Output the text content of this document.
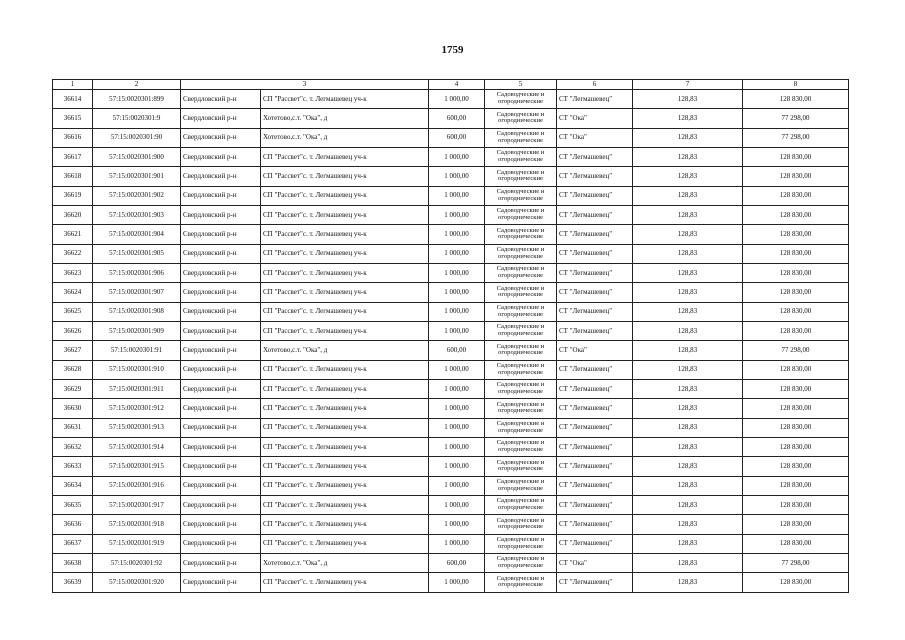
1759
1	2	3		4	5	6	7	8
36614	57:15:0020301:899	Свердловский р-н	СП "Рассвет"с. т. Легмашевец уч-к	1 000,00	Садоводческие и
огороднические	СТ "Легмашевец"	128,83	128 830,00
36615	57:15:0020301:9	Свердловский р-н	Хотетово,с.т. "Ока", д	600,00	Садоводческие и
огороднические	СТ "Ока"	128,83	77 298,00
36616	57:15:0020301:90	Свердловский р-н	Хотетово,с.т. "Ока", д	600,00	Садоводческие и
огороднические	СТ "Ока"	128,83	77 298,00
36617	57:15:0020301:900	Свердловский р-н	СП "Рассвет"с. т. Легмашевец уч-к	1 000,00	Садоводческие и
огороднические	СТ "Легмашевец"	128,83	128 830,00
36618	57:15:0020301:901	Свердловский р-н	СП "Рассвет"с. т. Легмашевец уч-к	1 000,00	Садоводческие и
огороднические	СТ "Легмашевец"	128,83	128 830,00
36619	57:15:0020301:902	Свердловский р-н	СП "Рассвет"с. т. Легмашевец уч-к	1 000,00	Садоводческие и
огороднические	СТ "Легмашевец"	128,83	128 830,00
36620	57:15:0020301:903	Свердловский р-н	СП "Рассвет"с. т. Легмашевец уч-к	1 000,00	Садоводческие и
огороднические	СТ "Легмашевец"	128,83	128 830,00
36621	57:15:0020301:904	Свердловский р-н	СП "Рассвет"с. т. Легмашевец уч-к	1 000,00	Садоводческие и
огороднические	СТ "Легмашевец"	128,83	128 830,00
36622	57:15:0020301:905	Свердловский р-н	СП "Рассвет"с. т. Легмашевец уч-к	1 000,00	Садоводческие и
огороднические	СТ "Легмашевец"	128,83	128 830,00
36623	57:15:0020301:906	Свердловский р-н	СП "Рассвет"с. т. Легмашевец уч-к	1 000,00	Садоводческие и
огороднические	СТ "Легмашевец"	128,83	128 830,00
36624	57:15:0020301:907	Свердловский р-н	СП "Рассвет"с. т. Легмашевец уч-к	1 000,00	Садоводческие и
огороднические	СТ "Легмашевец"	128,83	128 830,00
36625	57:15:0020301:908	Свердловский р-н	СП "Рассвет"с. т. Легмашевец уч-к	1 000,00	Садоводческие и
огороднические	СТ "Легмашевец"	128,83	128 830,00
36626	57:15:0020301:909	Свердловский р-н	СП "Рассвет"с. т. Легмашевец уч-к	1 000,00	Садоводческие и
огороднические	СТ "Легмашевец"	128,83	128 830,00
36627	57:15:0020301:91	Свердловский р-н	Хотетово,с.т. "Ока", д	600,00	Садоводческие и
огороднические	СТ "Ока"	128,83	77 298,00
36628	57:15:0020301:910	Свердловский р-н	СП "Рассвет"с. т. Легмашевец уч-к	1 000,00	Садоводческие и
огороднические	СТ "Легмашевец"	128,83	128 830,00
36629	57:15:0020301:911	Свердловский р-н	СП "Рассвет"с. т. Легмашевец уч-к	1 000,00	Садоводческие и
огороднические	СТ "Легмашевец"	128,83	128 830,00
36630	57:15:0020301:912	Свердловский р-н	СП "Рассвет"с. т. Легмашевец уч-к	1 000,00	Садоводческие и
огороднические	СТ "Легмашевец"	128,83	128 830,00
36631	57:15:0020301:913	Свердловский р-н	СП "Рассвет"с. т. Легмашевец уч-к	1 000,00	Садоводческие и
огороднические	СТ "Легмашевец"	128,83	128 830,00
36632	57:15:0020301:914	Свердловский р-н	СП "Рассвет"с. т. Легмашевец уч-к	1 000,00	Садоводческие и
огороднические	СТ "Легмашевец"	128,83	128 830,00
36633	57:15:0020301:915	Свердловский р-н	СП "Рассвет"с. т. Легмашевец уч-к	1 000,00	Садоводческие и
огороднические	СТ "Легмашевец"	128,83	128 830,00
36634	57:15:0020301:916	Свердловский р-н	СП "Рассвет"с. т. Легмашевец уч-к	1 000,00	Садоводческие и
огороднические	СТ "Легмашевец"	128,83	128 830,00
36635	57:15:0020301:917	Свердловский р-н	СП "Рассвет"с. т. Легмашевец уч-к	1 000,00	Садоводческие и
огороднические	СТ "Легмашевец"	128,83	128 830,00
36636	57:15:0020301:918	Свердловский р-н	СП "Рассвет"с. т. Легмашевец уч-к	1 000,00	Садоводческие и
огороднические	СТ "Легмашевец"	128,83	128 830,00
36637	57:15:0020301:919	Свердловский р-н	СП "Рассвет"с. т. Легмашевец уч-к	1 000,00	Садоводческие и
огороднические	СТ "Легмашевец"	128,83	128 830,00
36638	57:15:0020301:92	Свердловский р-н	Хотетово,с.т. "Ока", д	600,00	Садоводческие и
огороднические	СТ "Ока"	128,83	77 298,00
36639	57:15:0020301:920	Свердловский р-н	СП "Рассвет"с. т. Легмашевец уч-к	1 000,00	Садоводческие и
огороднические	СТ "Легмашевец"	128,83	128 830,00
